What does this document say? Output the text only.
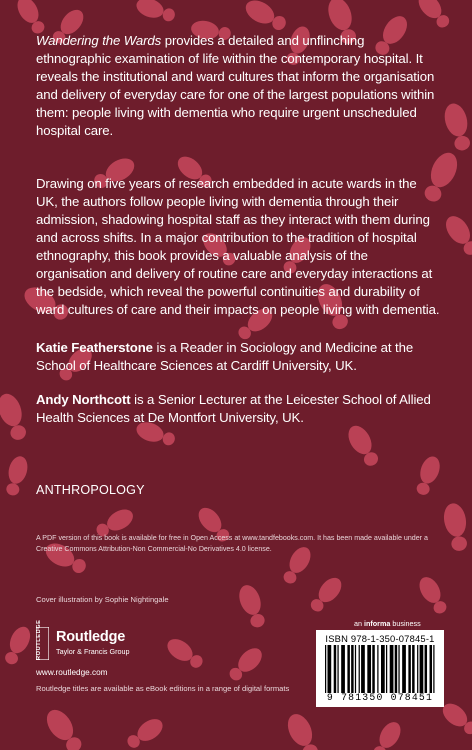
Wandering the Wards provides a detailed and unflinching ethnographic examination of life within the contemporary hospital. It reveals the institutional and ward cultures that inform the organisation and delivery of everyday care for one of the largest populations within them: people living with dementia who require urgent unscheduled hospital care.
Drawing on five years of research embedded in acute wards in the UK, the authors follow people living with dementia through their admission, shadowing hospital staff as they interact with them during and across shifts. In a major contribution to the tradition of hospital ethnography, this book provides a valuable analysis of the organisation and delivery of routine care and everyday interactions at the bedside, which reveal the powerful continuities and durability of ward cultures of care and their impacts on people living with dementia.
Katie Featherstone is a Reader in Sociology and Medicine at the School of Healthcare Sciences at Cardiff University, UK.
Andy Northcott is a Senior Lecturer at the Leicester School of Allied Health Sciences at De Montfort University, UK.
ANTHROPOLOGY
A PDF version of this book is available for free in Open Access at www.tandfebooks.com. It has been made available under a Creative Commons Attribution-Non Commercial-No Derivatives 4.0 license.
Cover illustration by Sophie Nightingale
ROUTLEDGE Routledge
Taylor & Francis Group
www.routledge.com
Routledge titles are available as eBook editions in a range of digital formats
an informa business
ISBN 978-1-350-07845-1
9 781350 078451
